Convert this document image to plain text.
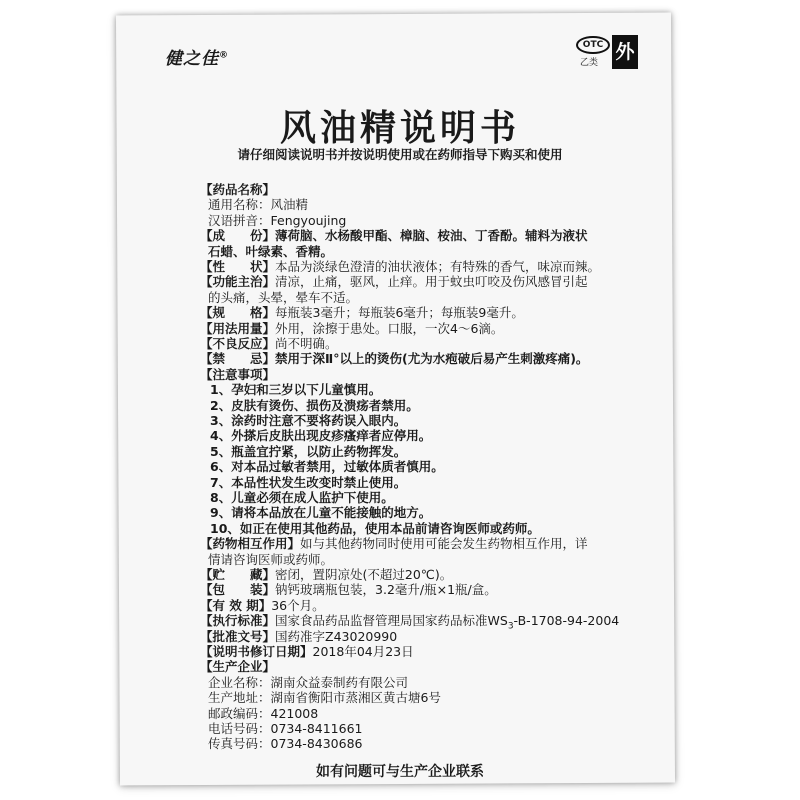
健之佳®
OTC
乙类 外
风油精说明书
请仔细阅读说明书并按说明使用或在药师指导下购买和使用
【药品名称】
通用名称：风油精
汉语拼音：Fengyoujing
【成　　份】薄荷脑、水杨酸甲酯、樟脑、桉油、丁香酚。辅料为液状
石蜡、叶绿素、香精。
【性　　状】本品为淡绿色澄清的油状液体；有特殊的香气，味凉而辣。
【功能主治】清凉，止痛，驱风，止痒。用于蚊虫叮咬及伤风感冒引起
的头痛，头晕，晕车不适。
【规　　格】每瓶装3毫升；每瓶装6毫升；每瓶装9毫升。
【用法用量】外用，涂擦于患处。口服，一次4～6滴。
【不良反应】尚不明确。
【禁　　忌】禁用于深Ⅱ°以上的烫伤(尤为水疱破后易产生刺激疼痛)。
【注意事项】
1、孕妇和三岁以下儿童慎用。
2、皮肤有烫伤、损伤及溃疡者禁用。
3、涂药时注意不要将药误入眼内。
4、外搽后皮肤出现皮疹瘙痒者应停用。
5、瓶盖宜拧紧，以防止药物挥发。
6、对本品过敏者禁用，过敏体质者慎用。
7、本品性状发生改变时禁止使用。
8、儿童必须在成人监护下使用。
9、请将本品放在儿童不能接触的地方。
10、如正在使用其他药品，使用本品前请咨询医师或药师。
【药物相互作用】如与其他药物同时使用可能会发生药物相互作用，详
情请咨询医师或药师。
【贮　　藏】密闭，置阴凉处(不超过20℃)。
【包　　装】钠钙玻璃瓶包装，3.2毫升/瓶×1瓶/盒。
【有 效 期】36个月。
【执行标准】国家食品药品监督管理局国家药品标准$WS_3-B-1708-94-2004$
【批准文号】国药准字Z43020990
【说明书修订日期】2018年04月23日
如有问题可与生产企业联系
【生产企业】
企业名称：湖南众益泰制药有限公司
生产地址：湖南省衡阳市蒸湘区黄古塘6号
邮政编码：421008
电话号码：0734-8411661
传真号码：0734-8430686
